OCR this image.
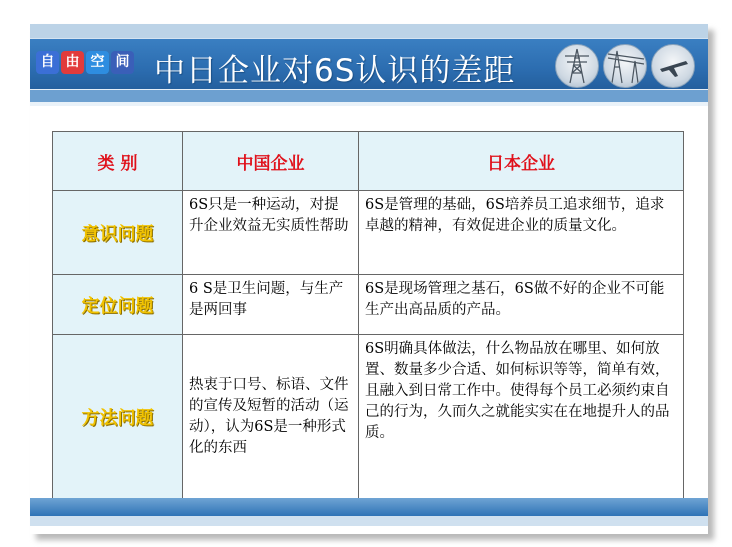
自 由 空 间 中日企业对6S认识的差距
类 别	中国企业	日本企业
意识问题	6S只是一种运动，对提升企业效益无实质性帮助	6S是管理的基础，6S培养员工追求细节，追求卓越的精神，有效促进企业的质量文化。
定位问题	6 S是卫生问题，与生产是两回事	6S是现场管理之基石，6S做不好的企业不可能生产出高品质的产品。
方法问题	热衷于口号、标语、文件的宣传及短暂的活动（运动），认为6S是一种形式化的东西	6S明确具体做法，什么物品放在哪里、如何放置、数量多少合适、如何标识等等，简单有效，且融入到日常工作中。使得每个员工必须约束自己的行为，久而久之就能实实在在地提升人的品质。
